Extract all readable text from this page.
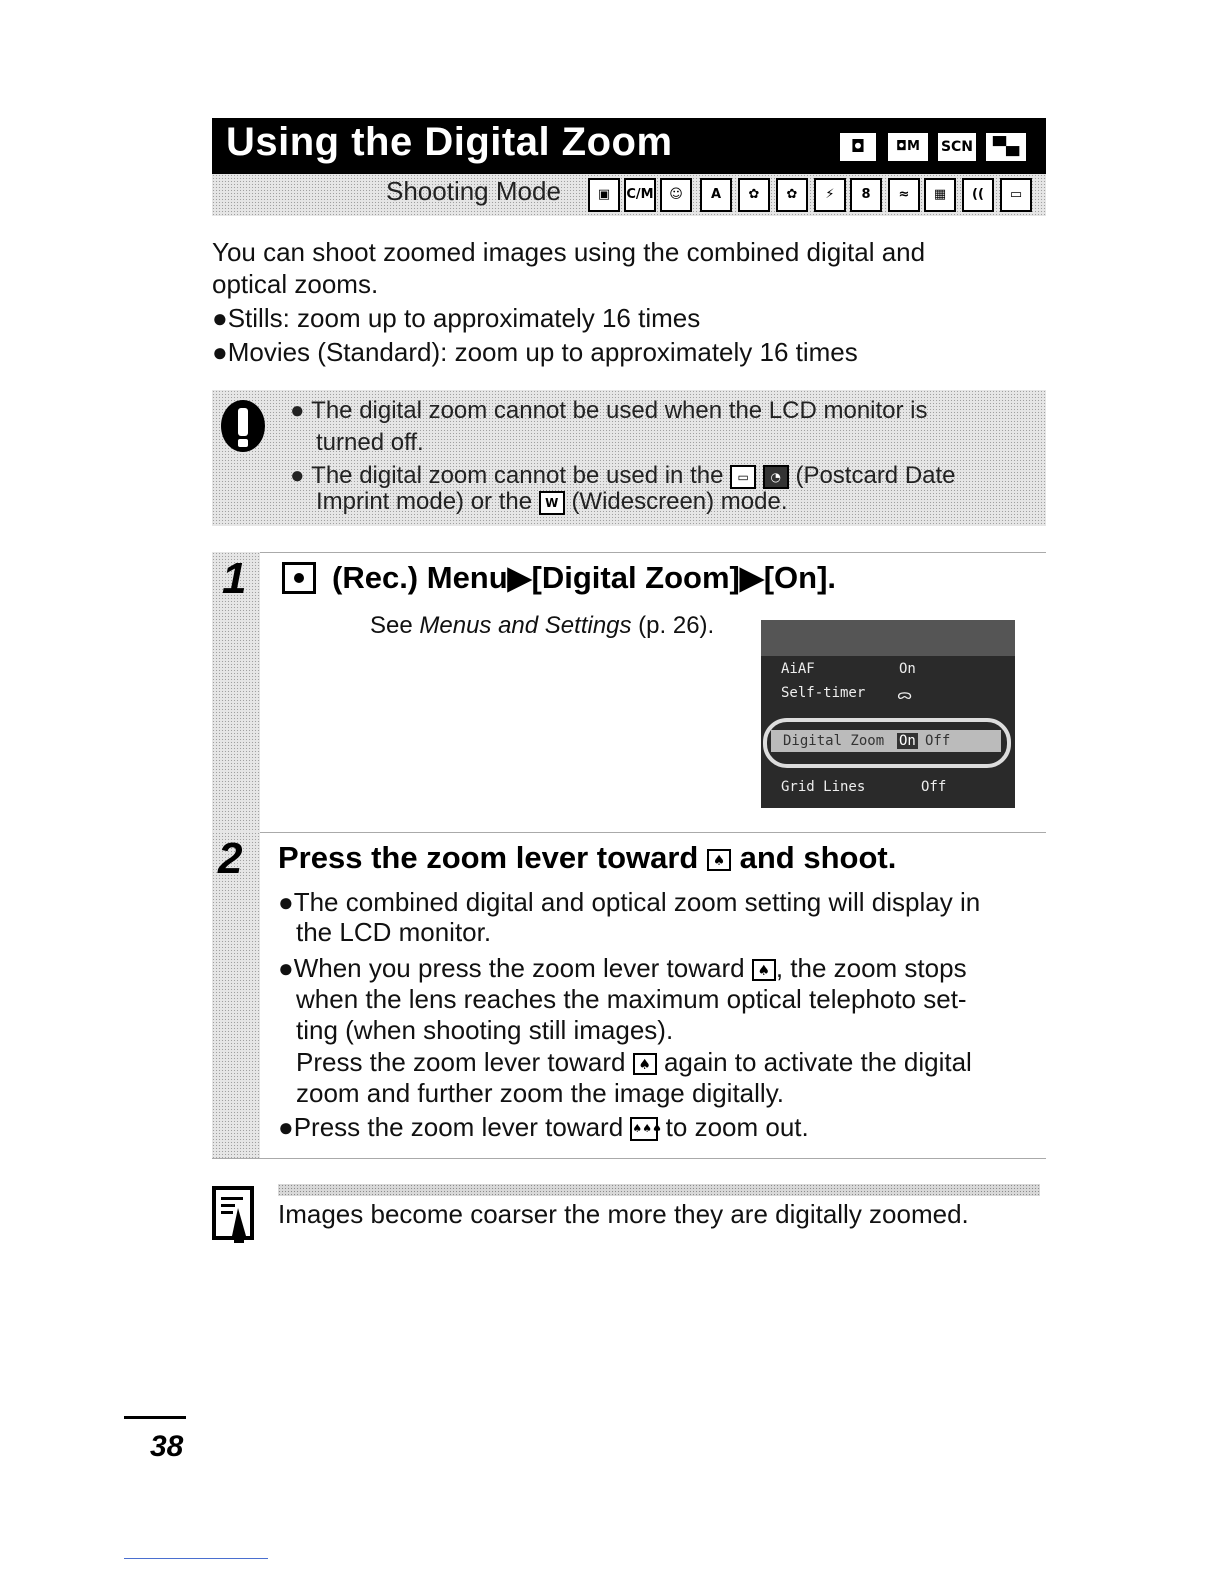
Using the Digital Zoom	◘	◘M	SCN	▀▄
Shooting Mode	▣	C/M	☺	A	✿	✿	⚡	8	≈	▦	((	▭
You can shoot zoomed images using the combined digital and
optical zooms.
●Stills: zoom up to approximately 16 times
●Movies (Standard): zoom up to approximately 16 times
● The digital zoom cannot be used when the LCD monitor is
turned off.
● The digital zoom cannot be used in the ▭ ◔ (Postcard Date
Imprint mode) or the W (Widescreen) mode.
1	(Rec.) Menu▶[Digital Zoom]▶[On].
See Menus and Settings (p. 26).
AiAF	On
Self-timer ᯅ
Digital Zoom On Off
Grid Lines	Off
2 Press the zoom lever toward ♠ and shoot.
●The combined digital and optical zoom setting will display in
the LCD monitor.
●When you press the zoom lever toward ♠ , the zoom stops
when the lens reaches the maximum optical telephoto set-
ting (when shooting still images).
Press the zoom lever toward ♠ again to activate the digital
zoom and further zoom the image digitally.
●Press the zoom lever toward ♠♠♠ to zoom out.
Images become coarser the more they are digitally zoomed.
38
